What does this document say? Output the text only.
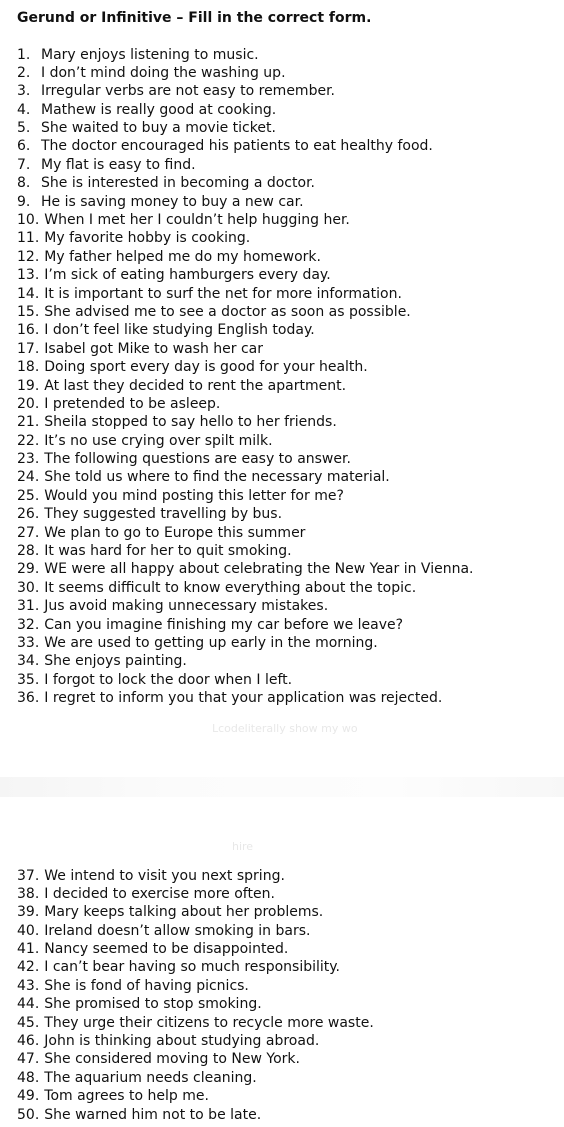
Gerund or Infinitive – Fill in the correct form.
1. Mary enjoys listening to music.
2. I don’t mind doing the washing up.
3. Irregular verbs are not easy to remember.
4. Mathew is really good at cooking.
5. She waited to buy a movie ticket.
6. The doctor encouraged his patients to eat healthy food.
7. My flat is easy to find.
8. She is interested in becoming a doctor.
9. He is saving money to buy a new car.
10. When I met her I couldn’t help hugging her.
11. My favorite hobby is cooking.
12. My father helped me do my homework.
13. I’m sick of eating hamburgers every day.
14. It is important to surf the net for more information.
15. She advised me to see a doctor as soon as possible.
16. I don’t feel like studying English today.
17. Isabel got Mike to wash her car
18. Doing sport every day is good for your health.
19. At last they decided to rent the apartment.
20. I pretended to be asleep.
21. Sheila stopped to say hello to her friends.
22. It’s no use crying over spilt milk.
23. The following questions are easy to answer.
24. She told us where to find the necessary material.
25. Would you mind posting this letter for me?
26. They suggested travelling by bus.
27. We plan to go to Europe this summer
28. It was hard for her to quit smoking.
29. WE were all happy about celebrating the New Year in Vienna.
30. It seems difficult to know everything about the topic.
31. Jus avoid making unnecessary mistakes.
32. Can you imagine finishing my car before we leave?
33. We are used to getting up early in the morning.
34. She enjoys painting.
35. I forgot to lock the door when I left.
36. I regret to inform you that your application was rejected.
Lcodeliterally show my wo
hire
37. We intend to visit you next spring.
38. I decided to exercise more often.
39. Mary keeps talking about her problems.
40. Ireland doesn’t allow smoking in bars.
41. Nancy seemed to be disappointed.
42. I can’t bear having so much responsibility.
43. She is fond of having picnics.
44. She promised to stop smoking.
45. They urge their citizens to recycle more waste.
46. John is thinking about studying abroad.
47. She considered moving to New York.
48. The aquarium needs cleaning.
49. Tom agrees to help me.
50. She warned him not to be late.
